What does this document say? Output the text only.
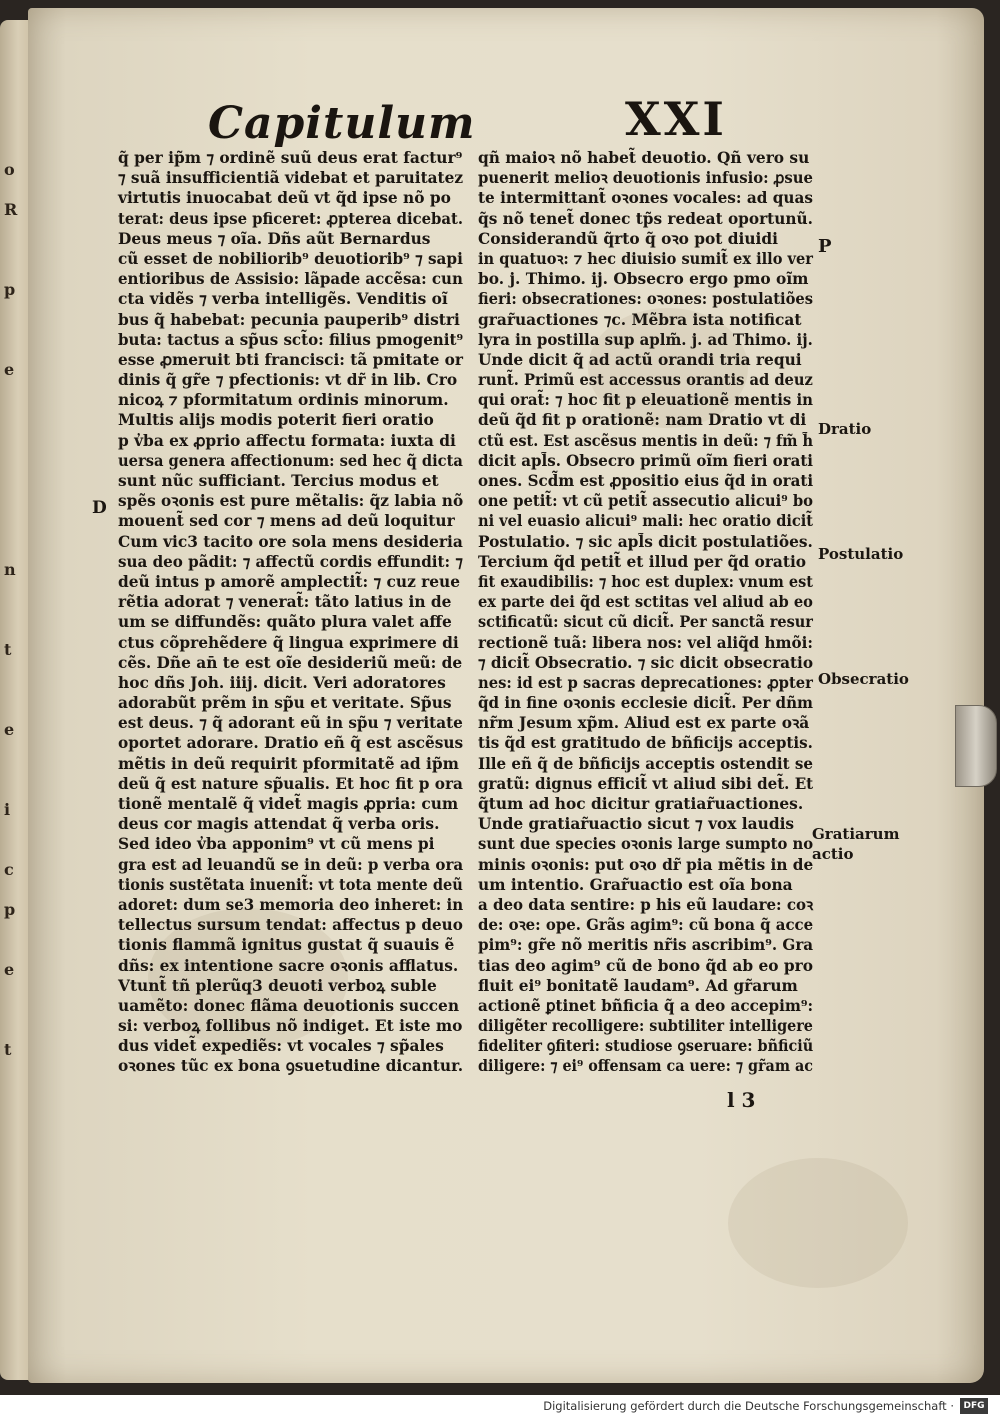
Capitulum	XXI
q̃ per ip̃m ⁊ ordinẽ suũ deus erat factur⁹
⁊ suã insufficientiã videbat et paruitatez
virtutis inuocabat deũ vt q̃d ipse nõ po
terat: deus ipse pficeret: ꝓpterea dicebat.
Deus meus ⁊ oĩa. Dñs aũt Bernardus
cũ esset de nobiliorib⁹ deuotiorib⁹ ⁊ sapi
entioribus de Assisio: lãpade accẽsa: cun
cta vidẽs ⁊ verba intelligẽs. Venditis oĩ
bus q̃ habebat: pecunia pauperib⁹ distri
buta: tactus a sp̃us sct̃o: filius pmogenit⁹
esse ꝓmeruit bti francisci: tã pmitate or
dinis q̃ gr̃e ⁊ pfectionis: vt dr̃ in lib. Cro
nicoꝝ ⁊ pformitatum ordinis minorum.
Multis alijs modis poterit fieri oratio
p v̓ba ex ꝓprio affectu formata: iuxta di
uersa genera affectionum: sed hec q̃ dicta
sunt nũc sufficiant. Tercius modus et
spẽs oꝛonis est pure mẽtalis: q̃z labia nõ
mouent̃ sed cor ⁊ mens ad deũ loquitur
Cum vic3 tacito ore sola mens desideria
sua deo pãdit: ⁊ affectũ cordis effundit: ⁊
deũ intus p amorẽ amplectit̃: ⁊ cuz reue
rẽtia adorat ⁊ venerat̃: tãto latius in de
um se diffundẽs: quãto plura valet affe
ctus cõprehẽdere q̃ lingua exprimere di
cẽs. Dñe an̄ te est oĩe desideriũ meũ: de
hoc dñs Joh. iiij. dicit. Veri adoratores
adorabũt prẽm in sp̃u et veritate. Sp̃us
est deus. ⁊ q̃ adorant eũ in sp̃u ⁊ veritate
oportet adorare. Dratio eñ q̃ est ascẽsus
mẽtis in deũ requirit pformitatẽ ad ip̃m
deũ q̃ est nature sp̃ualis. Et hoc fit p ora
tionẽ mentalẽ q̃ videt̃ magis ꝓpria: cum
deus cor magis attendat q̃ verba oris.
Sed ideo v̓ba apponim⁹ vt cũ mens pi
gra est ad leuandũ se in deũ: p verba ora
tionis sustẽtata inuenit̃: vt tota mente deũ
adoret: dum se3 memoria deo inheret: in
tellectus sursum tendat: affectus p deuo
tionis flammã ignitus gustat q̃ suauis ẽ
dñs: ex intentione sacre oꝛonis afflatus.
Vtunt̃ tñ plerũq3 deuoti verboꝝ suble
uamẽto: donec flãma deuotionis succen
si: verboꝝ follibus nõ indiget. Et iste mo
dus videt̃ expediẽs: vt vocales ⁊ sp̃ales
oꝛones tũc ex bona ꝯsuetudine dicantur.
qñ maioꝛ nõ habet̃ deuotio. Qñ vero su
puenerit melioꝛ deuotionis infusio: ꝓsue
te intermittant̃ oꝛones vocales: ad quas
q̃s nõ tenet̃ donec tp̃s redeat oportunũ.
Considerandũ q̃rto q̃ oꝛo pot diuidi
in quatuoꝛ: ⁊ hec diuisio sumit̃ ex illo ver
bo. j. Thimo. ij. Obsecro ergo pmo oĩm
fieri: obsecrationes: oꝛones: postulatiões
grar̃uactiones ⁊c. Mẽbra ista notificat
lyra in postilla sup aplm̃. j. ad Thimo. ij.
Unde dicit q̃ ad actũ orandi tria requi
runt̃. Primũ est accessus orantis ad deuz
qui orat̃: ⁊ hoc fit p eleuationẽ mentis in
deũ q̃d fit p orationẽ: nam Dratio vt di
ctũ est. Est ascẽsus mentis in deũ: ⁊ fm̃ h̃
dicit apl̃s. Obsecro primũ oĩm fieri orati
ones. Scd̃m est ꝓpositio eius q̃d in orati
one petit̃: vt cũ petit̃ assecutio alicui⁹ bo
ni vel euasio alicui⁹ mali: hec oratio dicit̃
Postulatio. ⁊ sic apl̃s dicit postulatiões.
Tercium q̃d petit̃ et illud per q̃d oratio
fit exaudibilis: ⁊ hoc est duplex: vnum est
ex parte dei q̃d est sctitas vel aliud ab eo
sctificatũ: sicut cũ dicit̃. Per sanctã resur
rectionẽ tuã: libera nos: vel aliq̃d hmõi:
⁊ dicit̃ Obsecratio. ⁊ sic dicit obsecratio
nes: id est p sacras deprecationes: ꝓpter
q̃d in fine oꝛonis ecclesie dicit̃. Per dñm
nr̃m Jesum xp̃m. Aliud est ex parte oꝛã
tis q̃d est gratitudo de bñficijs acceptis.
Ille eñ q̃ de bñficijs acceptis ostendit se
gratũ: dignus efficit̃ vt aliud sibi det̃. Et
q̃tum ad hoc dicitur gratiar̃uactiones.
Unde gratiar̃uactio sicut ⁊ vox laudis
sunt due species oꝛonis large sumpto no
minis oꝛonis: put oꝛo dr̃ pia mẽtis in de
um intentio. Grar̃uactio est oĩa bona
a deo data sentire: p his eũ laudare: coꝛ
de: oꝛe: ope. Grãs agim⁹: cũ bona q̃ acce
pim⁹: gr̃e nõ meritis nr̃is ascribim⁹. Gra
tias deo agim⁹ cũ de bono q̃d ab eo pro
fluit ei⁹ bonitatẽ laudam⁹. Ad gr̃arum
actionẽ ꝑtinet bñficia q̃ a deo accepim⁹:
diligẽter recolligere: subtiliter intelligere
fideliter ꝯfiteri: studiose ꝯseruare: bñficiũ
diligere: ⁊ ei⁹ offensam ca uere: ⁊ gr̃am ac
P
Dratio
Postulatio
Obsecratio
Gratiarum
actio
D
l 3
o
R
p
e
n
t
e
i
c
p
e
t
Digitalisierung gefördert durch die Deutsche Forschungsgemeinschaft ·	DFG
